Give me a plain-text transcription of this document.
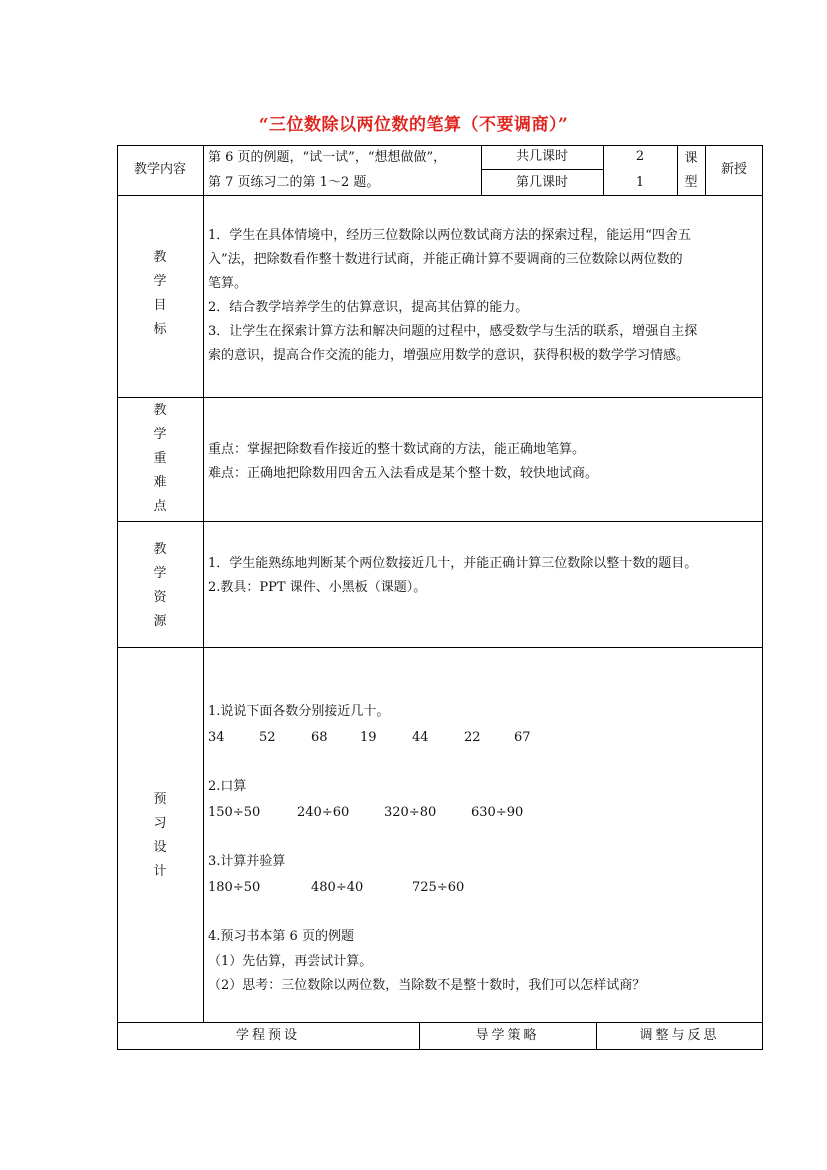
“三位数除以两位数的笔算（不要调商）”
教学内容
第 6 页的例题，“试一试”，“想想做做”，
第 7 页练习二的第 1～2 题。
共几课时	2
第几课时	1
课
型
新授
教
学
目
标
1．学生在具体情境中，经历三位数除以两位数试商方法的探索过程，能运用“四舍五
入”法，把除数看作整十数进行试商，并能正确计算不要调商的三位数除以两位数的
笔算。
2．结合教学培养学生的估算意识，提高其估算的能力。
3．让学生在探索计算方法和解决问题的过程中，感受数学与生活的联系，增强自主探
索的意识，提高合作交流的能力，增强应用数学的意识，获得积极的数学学习情感。
教
学
重
难
点
重点：掌握把除数看作接近的整十数试商的方法，能正确地笔算。
难点：正确地把除数用四舍五入法看成是某个整十数，较快地试商。
教
学
资
源
1．学生能熟练地判断某个两位数接近几十，并能正确计算三位数除以整十数的题目。
2.教具：PPT 课件、小黑板（课题）。
预
习
设
计
1.说说下面各数分别接近几十。
34	52	68 19	44	22	67
2.口算
150÷50	240÷60	320÷80	630÷90
3.计算并验算
180÷50	480÷40	725÷60
4.预习书本第 6 页的例题
（1）先估算，再尝试计算。
（2）思考：三位数除以两位数，当除数不是整十数时，我们可以怎样试商？
学程预设	导学策略	调整与反思
